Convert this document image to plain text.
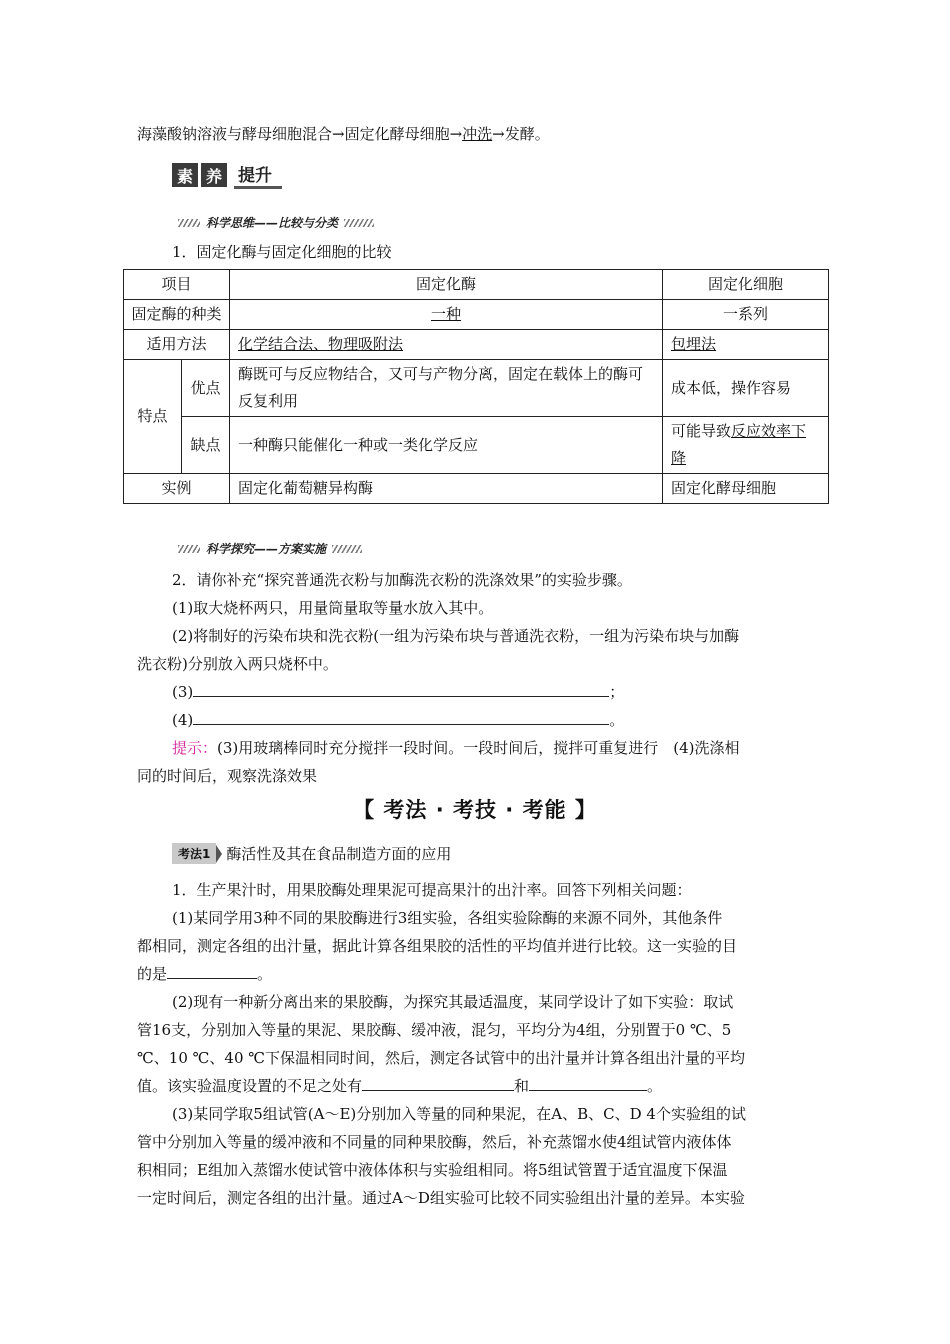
海藻酸钠溶液与酵母细胞混合→固定化酵母细胞→冲洗→发酵。
素 养 提升
科学思维——比较与分类
1．固定化酶与固定化细胞的比较
项目		固定化酶	固定化细胞
固定酶的种类		一种	一系列
适用方法		化学结合法、物理吸附法	包埋法
特点	优点	酶既可与反应物结合，又可与产物分离，固定在载体上的酶可反复利用	成本低，操作容易
	缺点	一种酶只能催化一种或一类化学反应	可能导致反应效率下降
实例		固定化葡萄糖异构酶	固定化酵母细胞
科学探究——方案实施
2．请你补充“探究普通洗衣粉与加酶洗衣粉的洗涤效果”的实验步骤。
(1)取大烧杯两只，用量筒量取等量水放入其中。
(2)将制好的污染布块和洗衣粉(一组为污染布块与普通洗衣粉，一组为污染布块与加酶
洗衣粉)分别放入两只烧杯中。
(3)	；
(4)	。
提示：(3)用玻璃棒同时充分搅拌一段时间。一段时间后，搅拌可重复进行　(4)洗涤相
同的时间后，观察洗涤效果
【 考法 · 考技 · 考能 】
考法1	酶活性及其在食品制造方面的应用
1．生产果汁时，用果胶酶处理果泥可提高果汁的出汁率。回答下列相关问题：
(1)某同学用3种不同的果胶酶进行3组实验，各组实验除酶的来源不同外，其他条件
都相同，测定各组的出汁量，据此计算各组果胶的活性的平均值并进行比较。这一实验的目
的是	。
(2)现有一种新分离出来的果胶酶，为探究其最适温度，某同学设计了如下实验：取试
管16支，分别加入等量的果泥、果胶酶、缓冲液，混匀，平均分为4组，分别置于0 ℃、5
℃、10 ℃、40 ℃下保温相同时间，然后，测定各试管中的出汁量并计算各组出汁量的平均
值。该实验温度设置的不足之处有	和	。
(3)某同学取5组试管(A～E)分别加入等量的同种果泥，在A、B、C、D 4个实验组的试
管中分别加入等量的缓冲液和不同量的同种果胶酶，然后，补充蒸馏水使4组试管内液体体
积相同；E组加入蒸馏水使试管中液体体积与实验组相同。将5组试管置于适宜温度下保温
一定时间后，测定各组的出汁量。通过A～D组实验可比较不同实验组出汁量的差异。本实验
